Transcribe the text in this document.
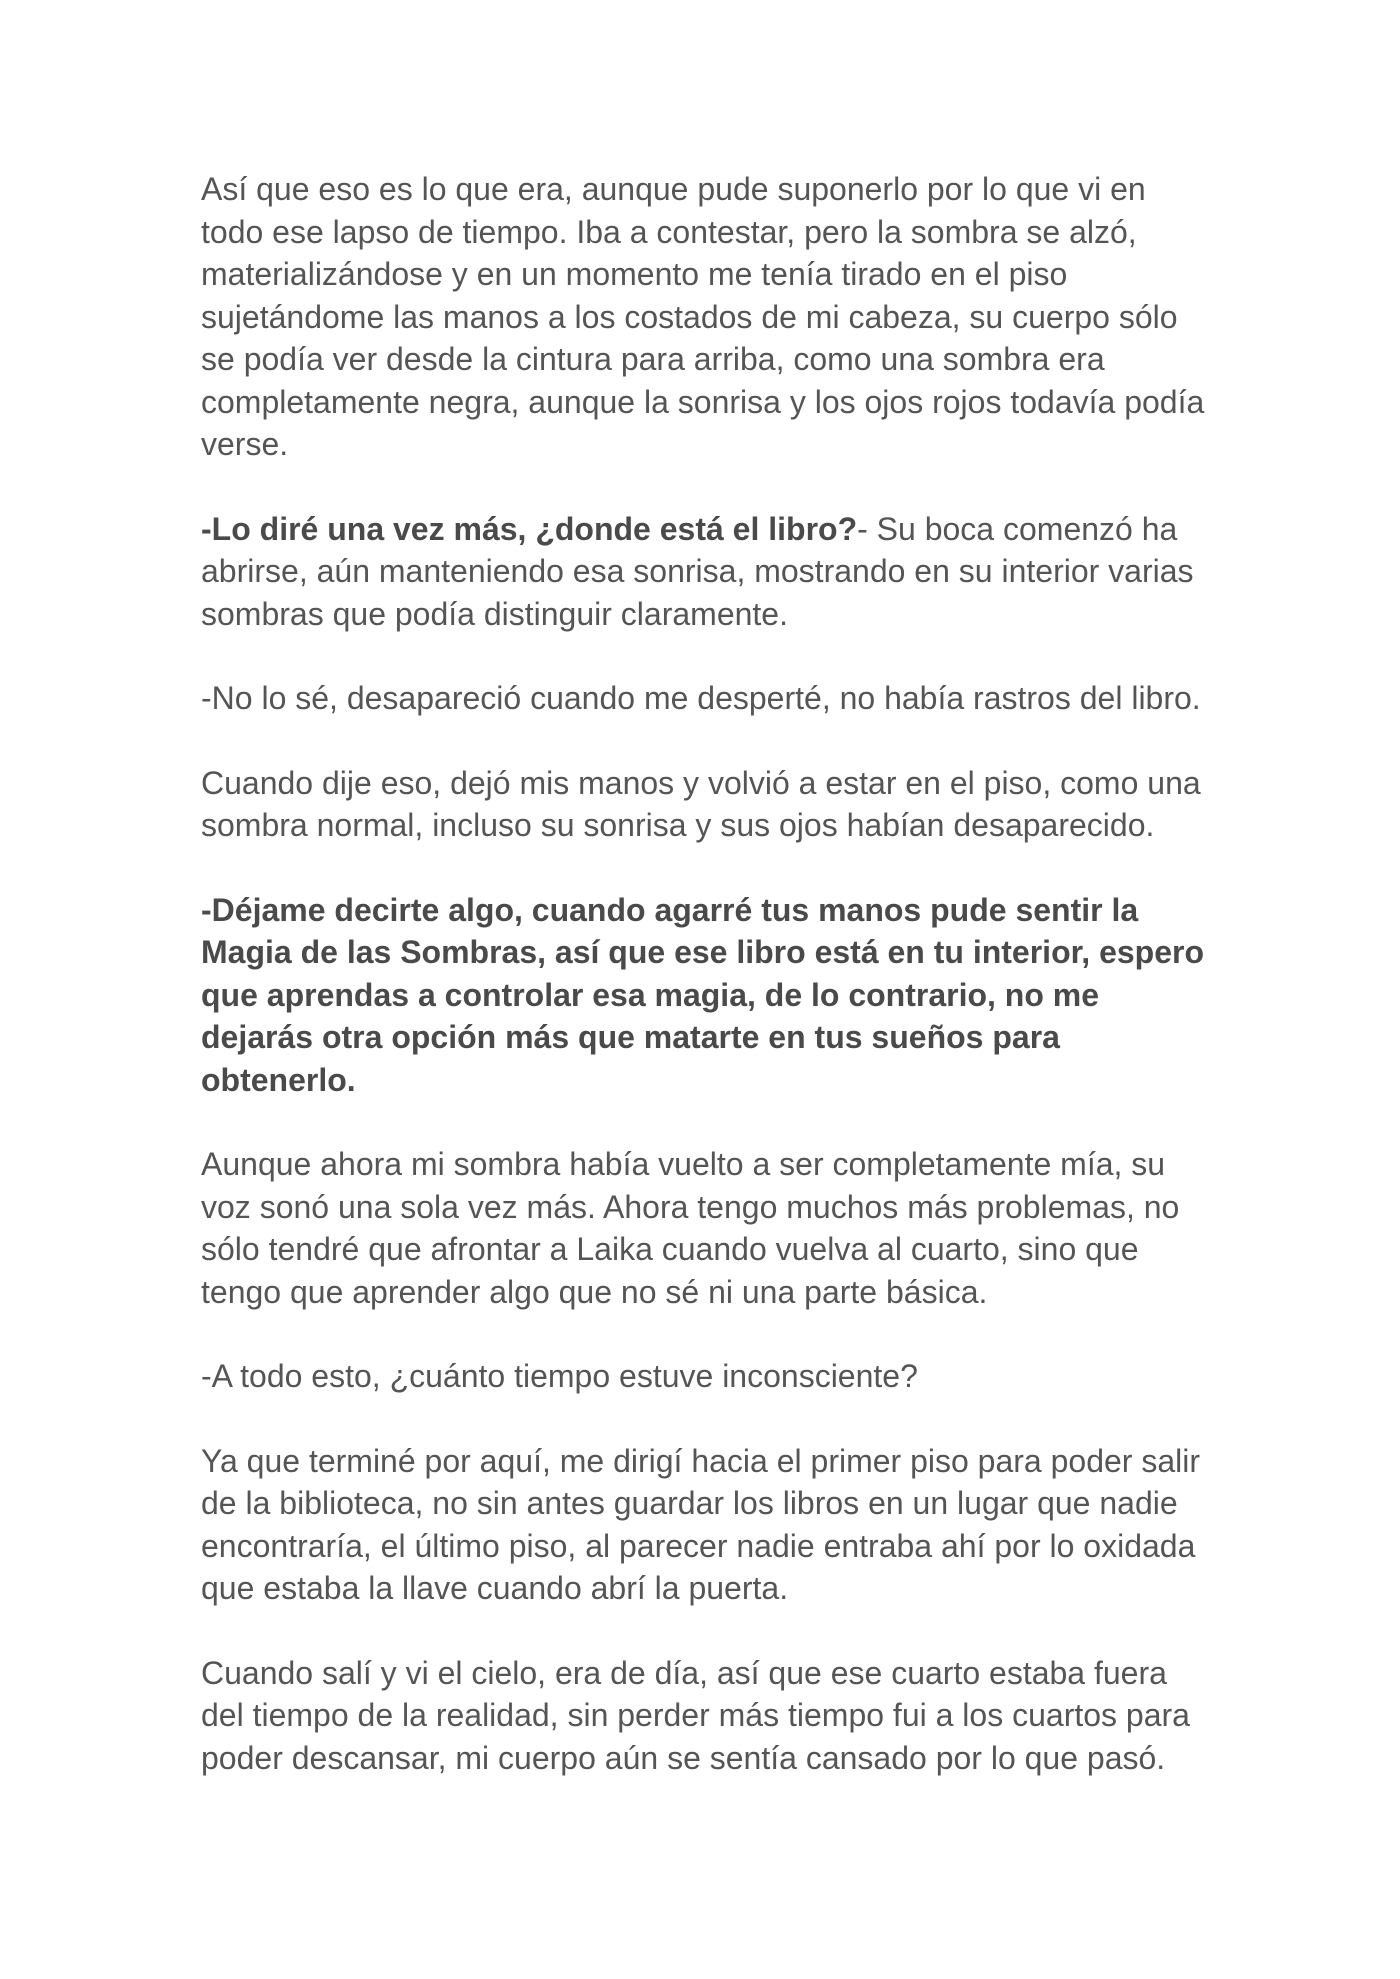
Así que eso es lo que era, aunque pude suponerlo por lo que vi en todo ese lapso de tiempo. Iba a contestar, pero la sombra se alzó, materializándose y en un momento me tenía tirado en el piso sujetándome las manos a los costados de mi cabeza, su cuerpo sólo se podía ver desde la cintura para arriba, como una sombra era completamente negra, aunque la sonrisa y los ojos rojos todavía podía verse.

-Lo diré una vez más, ¿donde está el libro?- Su boca comenzó ha abrirse, aún manteniendo esa sonrisa, mostrando en su interior varias sombras que podía distinguir claramente.

-No lo sé, desapareció cuando me desperté, no había rastros del libro.

Cuando dije eso, dejó mis manos y volvió a estar en el piso, como una sombra normal, incluso su sonrisa y sus ojos habían desaparecido.

-Déjame decirte algo, cuando agarré tus manos pude sentir la Magia de las Sombras, así que ese libro está en tu interior, espero que aprendas a controlar esa magia, de lo contrario, no me dejarás otra opción más que matarte en tus sueños para obtenerlo.

Aunque ahora mi sombra había vuelto a ser completamente mía, su voz sonó una sola vez más. Ahora tengo muchos más problemas, no sólo tendré que afrontar a Laika cuando vuelva al cuarto, sino que tengo que aprender algo que no sé ni una parte básica.

-A todo esto, ¿cuánto tiempo estuve inconsciente?

Ya que terminé por aquí, me dirigí hacia el primer piso para poder salir de la biblioteca, no sin antes guardar los libros en un lugar que nadie encontraría, el último piso, al parecer nadie entraba ahí por lo oxidada que estaba la llave cuando abrí la puerta.

Cuando salí y vi el cielo, era de día, así que ese cuarto estaba fuera del tiempo de la realidad, sin perder más tiempo fui a los cuartos para poder descansar, mi cuerpo aún se sentía cansado por lo que pasó.
